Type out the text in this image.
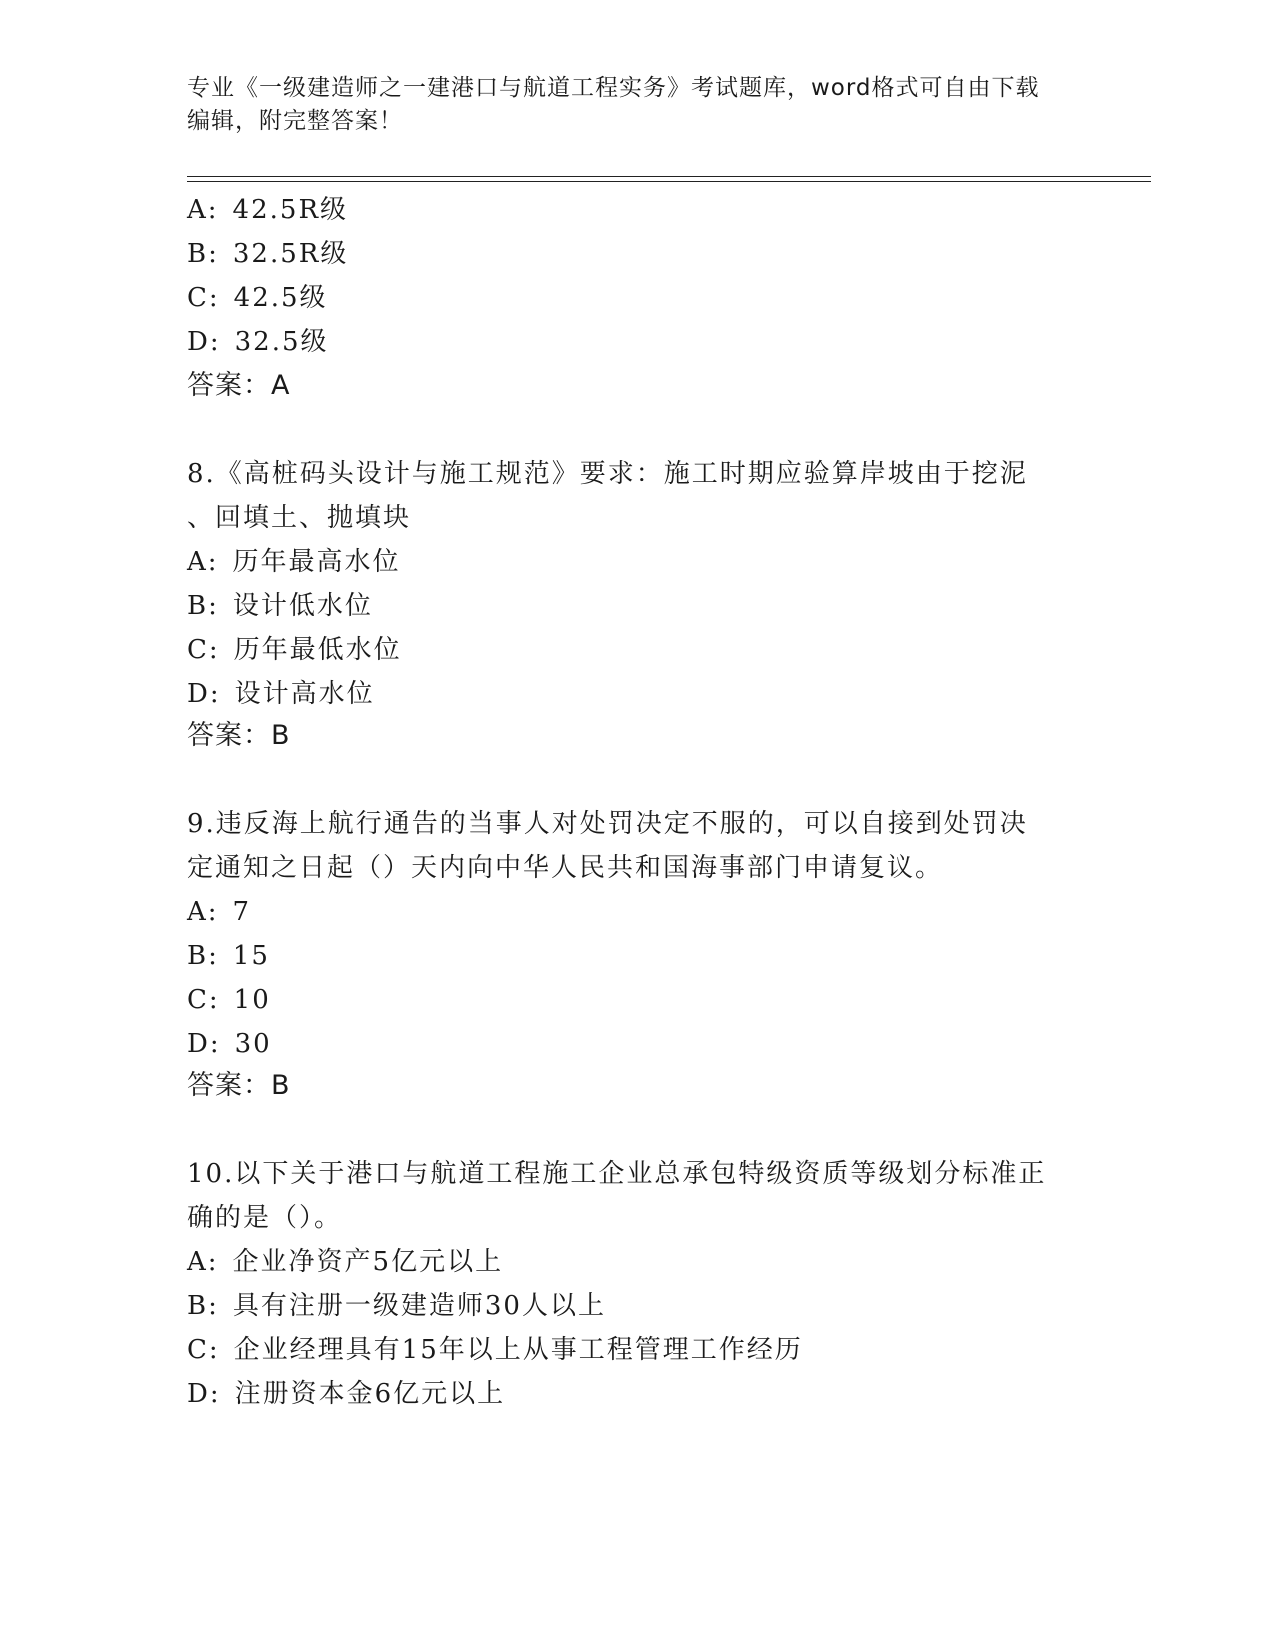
专业《一级建造师之一建港口与航道工程实务》考试题库，word格式可自由下载
编辑，附完整答案！
A: 42.5R级
B: 32.5R级
C: 42.5级
D: 32.5级
答案：A
8.《高桩码头设计与施工规范》要求：施工时期应验算岸坡由于挖泥
、回填土、抛填块
A: 历年最高水位
B: 设计低水位
C: 历年最低水位
D: 设计高水位
答案：B
9.违反海上航行通告的当事人对处罚决定不服的，可以自接到处罚决
定通知之日起（）天内向中华人民共和国海事部门申请复议。
A: 7
B: 15
C: 10
D: 30
答案：B
10.以下关于港口与航道工程施工企业总承包特级资质等级划分标准正
确的是（）。
A: 企业净资产5亿元以上
B: 具有注册一级建造师30人以上
C: 企业经理具有15年以上从事工程管理工作经历
D: 注册资本金6亿元以上
